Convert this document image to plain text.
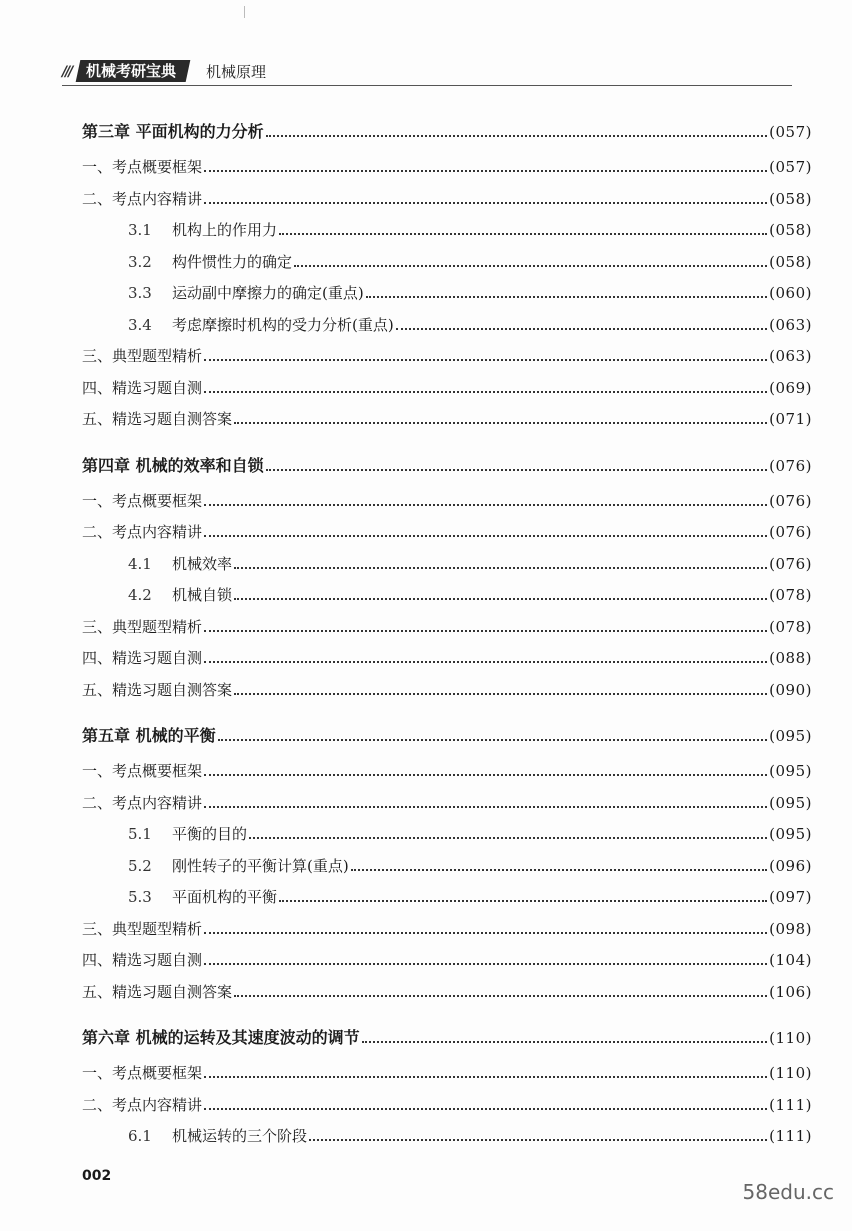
/// 机械考研宝典	机械原理
第三章 平面机构的力分析	(057)
一、考点概要框架	(057)
二、考点内容精讲	(058)
3.1 机构上的作用力	(058)
3.2 构件惯性力的确定	(058)
3.3 运动副中摩擦力的确定(重点)	(060)
3.4 考虑摩擦时机构的受力分析(重点)	(063)
三、典型题型精析	(063)
四、精选习题自测	(069)
五、精选习题自测答案	(071)
第四章 机械的效率和自锁	(076)
一、考点概要框架	(076)
二、考点内容精讲	(076)
4.1 机械效率	(076)
4.2 机械自锁	(078)
三、典型题型精析	(078)
四、精选习题自测	(088)
五、精选习题自测答案	(090)
第五章 机械的平衡	(095)
一、考点概要框架	(095)
二、考点内容精讲	(095)
5.1 平衡的目的	(095)
5.2 刚性转子的平衡计算(重点)	(096)
5.3 平面机构的平衡	(097)
三、典型题型精析	(098)
四、精选习题自测	(104)
五、精选习题自测答案	(106)
第六章 机械的运转及其速度波动的调节	(110)
一、考点概要框架	(110)
二、考点内容精讲	(111)
6.1 机械运转的三个阶段	(111)
002
58edu.cc
